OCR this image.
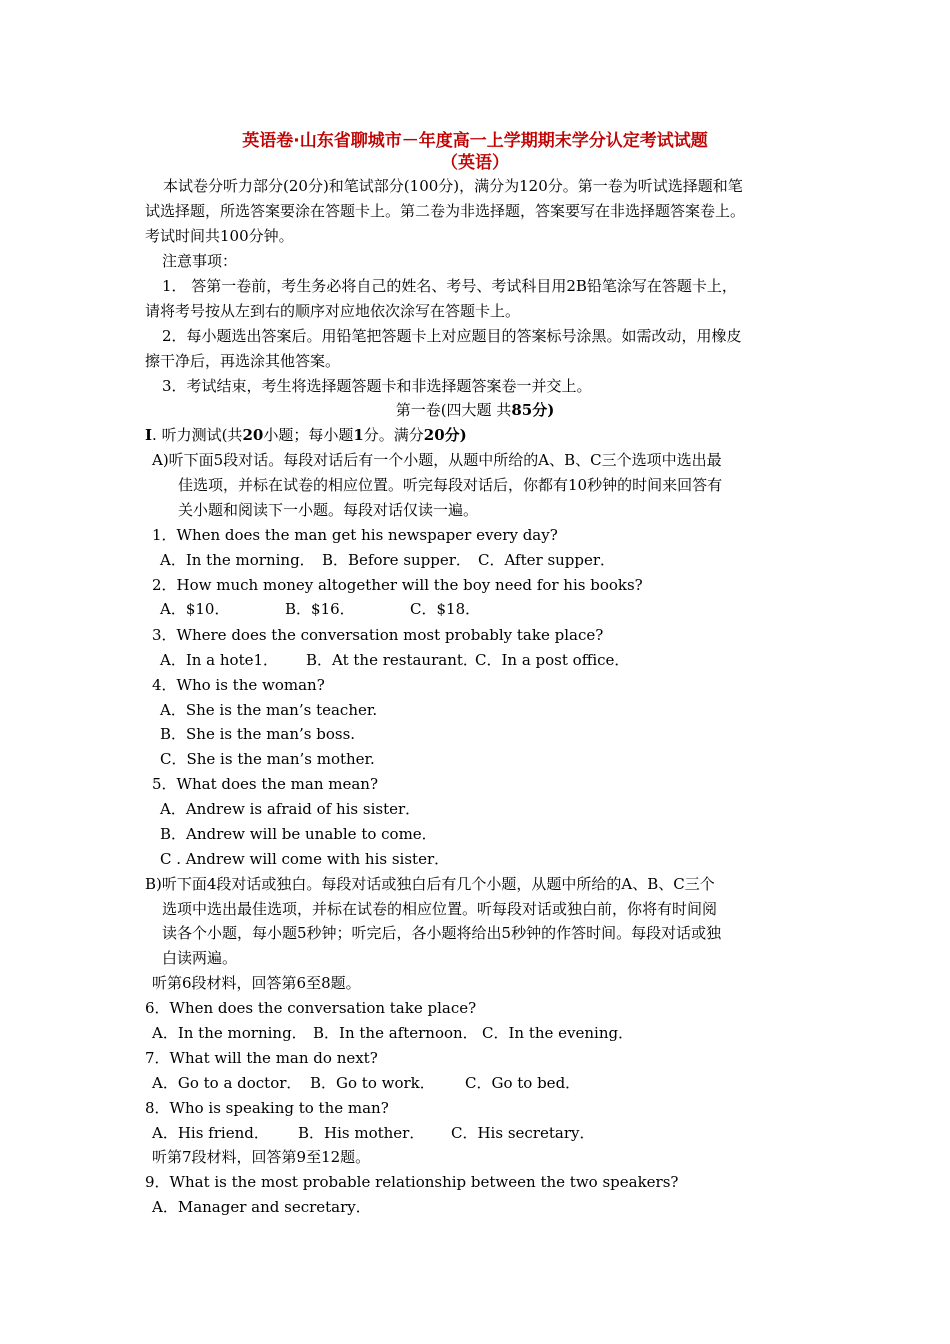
英语卷·山东省聊城市－年度高一上学期期末学分认定考试试题
（英语）
本试卷分听力部分(20分)和笔试部分(100分)，满分为120分。第一卷为听试选择题和笔
试选择题，所选答案要涂在答题卡上。第二卷为非选择题，答案要写在非选择题答案卷上。
考试时间共100分钟。
注意事项：
1． 答第一卷前，考生务必将自己的姓名、考号、考试科目用2B铅笔涂写在答题卡上，
请将考号按从左到右的顺序对应地依次涂写在答题卡上。
2．每小题选出答案后。用铅笔把答题卡上对应题目的答案标号涂黑。如需改动，用橡皮
擦干净后，再选涂其他答案。
3．考试结束，考生将选择题答题卡和非选择题答案卷一并交上。
第一卷(四大题 共85分)
I. 听力测试(共20小题；每小题1分。满分20分)
A)听下面5段对话。每段对话后有一个小题，从题中所给的A、B、C三个选项中选出最
佳选项，并标在试卷的相应位置。听完每段对话后，你都有10秒钟的时间来回答有
关小题和阅读下一小题。每段对话仅读一遍。
1．When does the man get his newspaper every day?
A．In the morning． B．Before supper． C．After supper．
2．How much money altogether will the boy need for his books?
A．$10．	B．$16．	C．$18．
3．Where does the conversation most probably take place?
A．In a hote1． B．At the restaurant．
C．In a post office．
4．Who is the woman?
A．She is the man’s teacher.
B．She is the man’s boss.
C．She is the man’s mother.
5．What does the man mean?
A．Andrew is afraid of his sister．
B．Andrew will be unable to come．
C . Andrew will come with his sister．
B)听下面4段对话或独白。每段对话或独白后有几个小题，从题中所给的A、B、C三个
选项中选出最佳选项，并标在试卷的相应位置。听每段对话或独白前，你将有时间阅
读各个小题，每小题5秒钟；听完后，各小题将给出5秒钟的作答时间。每段对话或独
白读两遍。
听第6段材料，回答第6至8题。
6．When does the conversation take place?
A．In the morning． B．In the afternoon． C．In the evening．
7．What will the man do next?
A．Go to a doctor． B．Go to work． C．Go to bed．
8．Who is speaking to the man?
A．His friend． B．His mother． C．His secretary．
听第7段材料，回答第9至12题。
9．What is the most probable relationship between the two speakers?
A．Manager and secretary．
